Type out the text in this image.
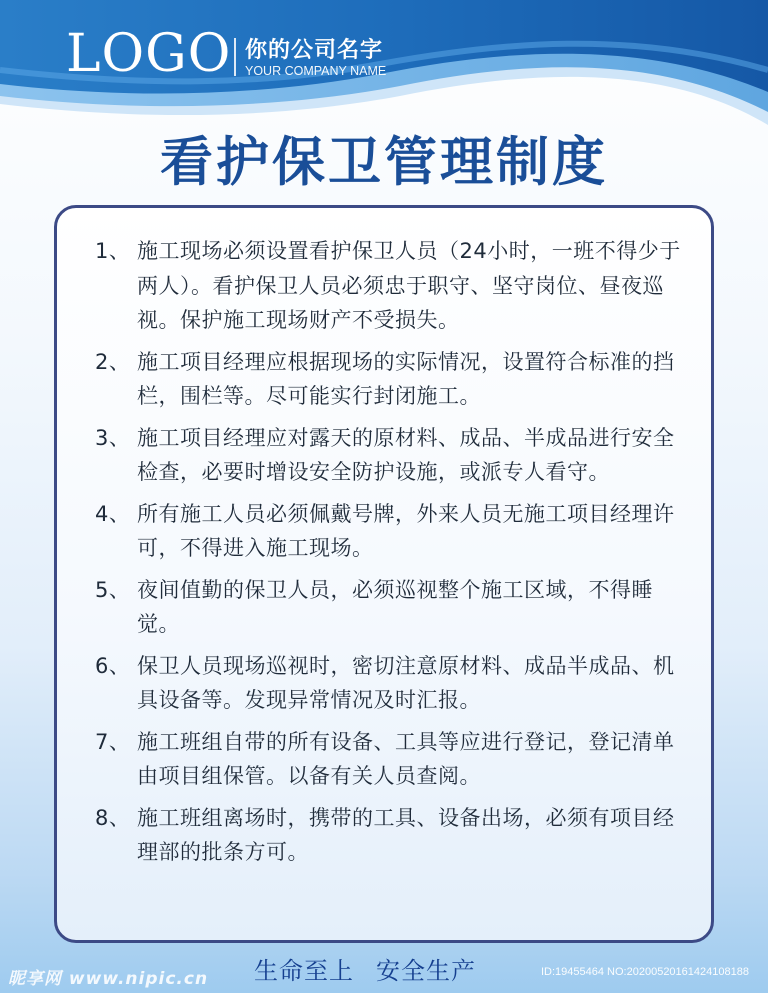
LOGO 你的公司名字
YOUR COMPANY NAME
看护保卫管理制度
1、 施工现场必须设置看护保卫人员（24小时，一班不得少于两人）。看护保卫人员必须忠于职守、坚守岗位、昼夜巡视。保护施工现场财产不受损失。
2、 施工项目经理应根据现场的实际情况，设置符合标准的挡栏，围栏等。尽可能实行封闭施工。
3、 施工项目经理应对露天的原材料、成品、半成品进行安全检查，必要时增设安全防护设施，或派专人看守。
4、 所有施工人员必须佩戴号牌，外来人员无施工项目经理许可，不得进入施工现场。
5、 夜间值勤的保卫人员，必须巡视整个施工区域，不得睡觉。
6、 保卫人员现场巡视时，密切注意原材料、成品半成品、机具设备等。发现异常情况及时汇报。
7、 施工班组自带的所有设备、工具等应进行登记，登记清单由项目组保管。以备有关人员查阅。
8、 施工班组离场时，携带的工具、设备出场，必须有项目经理部的批条方可。
生命至上 安全生产
昵享网 www.nipic.cn	ID:19455464 NO:20200520161424108188
